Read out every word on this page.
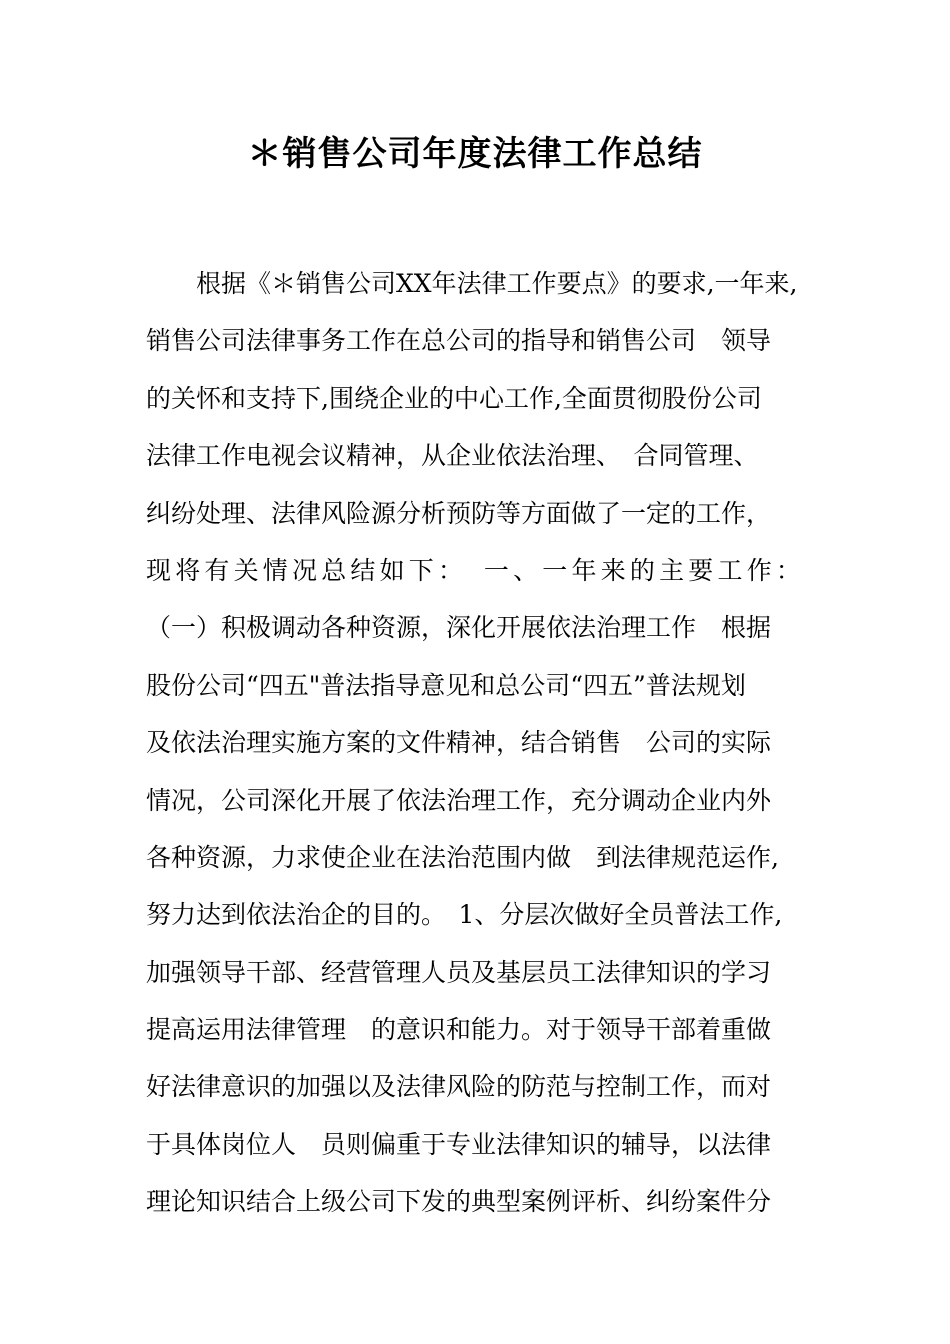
＊销售公司年度法律工作总结
根据《＊销售公司XX年法律工作要点》的要求,一年来,
销售公司法律事务工作在总公司的指导和销售公司　领导
的关怀和支持下,围绕企业的中心工作,全面贯彻股份公司
法律工作电视会议精神，从企业依法治理、　合同管理、
纠纷处理、法律风险源分析预防等方面做了一定的工作，
现将有关情况总结如下：　一、一年来的主要工作：
（一）积极调动各种资源，深化开展依法治理工作　根据
股份公司“四五"普法指导意见和总公司“四五”普法规划
及依法治理实施方案的文件精神，结合销售　公司的实际
情况，公司深化开展了依法治理工作，充分调动企业内外
各种资源，力求使企业在法治范围内做　到法律规范运作,
努力达到依法治企的目的。　1、分层次做好全员普法工作,
加强领导干部、经营管理人员及基层员工法律知识的学习
提高运用法律管理　的意识和能力。对于领导干部着重做
好法律意识的加强以及法律风险的防范与控制工作，而对
于具体岗位人　员则偏重于专业法律知识的辅导，以法律
理论知识结合上级公司下发的典型案例评析、纠纷案件分
